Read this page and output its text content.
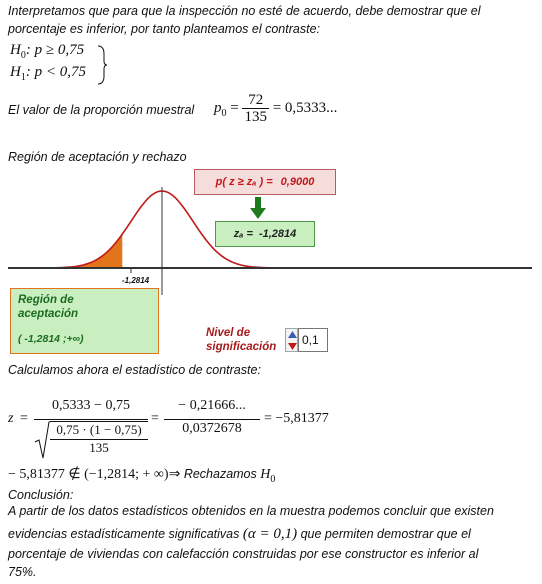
Interpretamos que para que la inspección no esté de acuerdo, debe demostrar que el
porcentaje es inferior, por tanto planteamos el contraste:
$H_0$: p ≥ 0,75
$H_1$: p < 0,75
El valor de la proporción muestral $p_0 = \frac{72}{135} = 0,5333$...
Región de aceptación y rechazo
-1,2814
p( z ≥ zₐ ) = 0,9000
zₐ = -1,2814
Región de
aceptación
( -1,2814 ;+∞)	Nivel de
significación	0,1
Calculamos ahora el estadístico de contraste:
z =
0,5333 − 0,75
0,75 · (1 − 0,75)
135
=
− 0,21666...
0,0372678
= −5,81377
− 5,81377 ∉ (−1,2814; + ∞)⇒ Rechazamos $H_0$
Conclusión:
A partir de los datos estadísticos obtenidos en la muestra podemos concluir que existen
evidencias estadísticamente significativas (α = 0,1) que permiten demostrar que el
porcentaje de viviendas con calefacción construidas por ese constructor es inferior al
75%.
